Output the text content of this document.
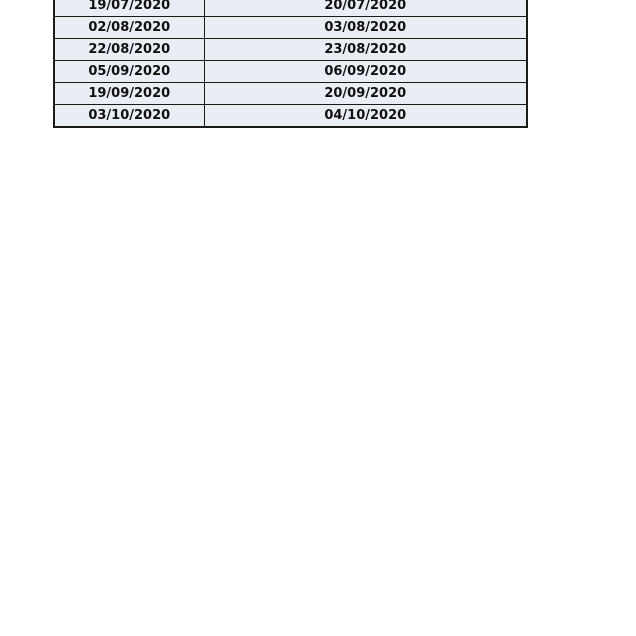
19/07/2020	20/07/2020
02/08/2020	03/08/2020
22/08/2020	23/08/2020
05/09/2020	06/09/2020
19/09/2020	20/09/2020
03/10/2020	04/10/2020
